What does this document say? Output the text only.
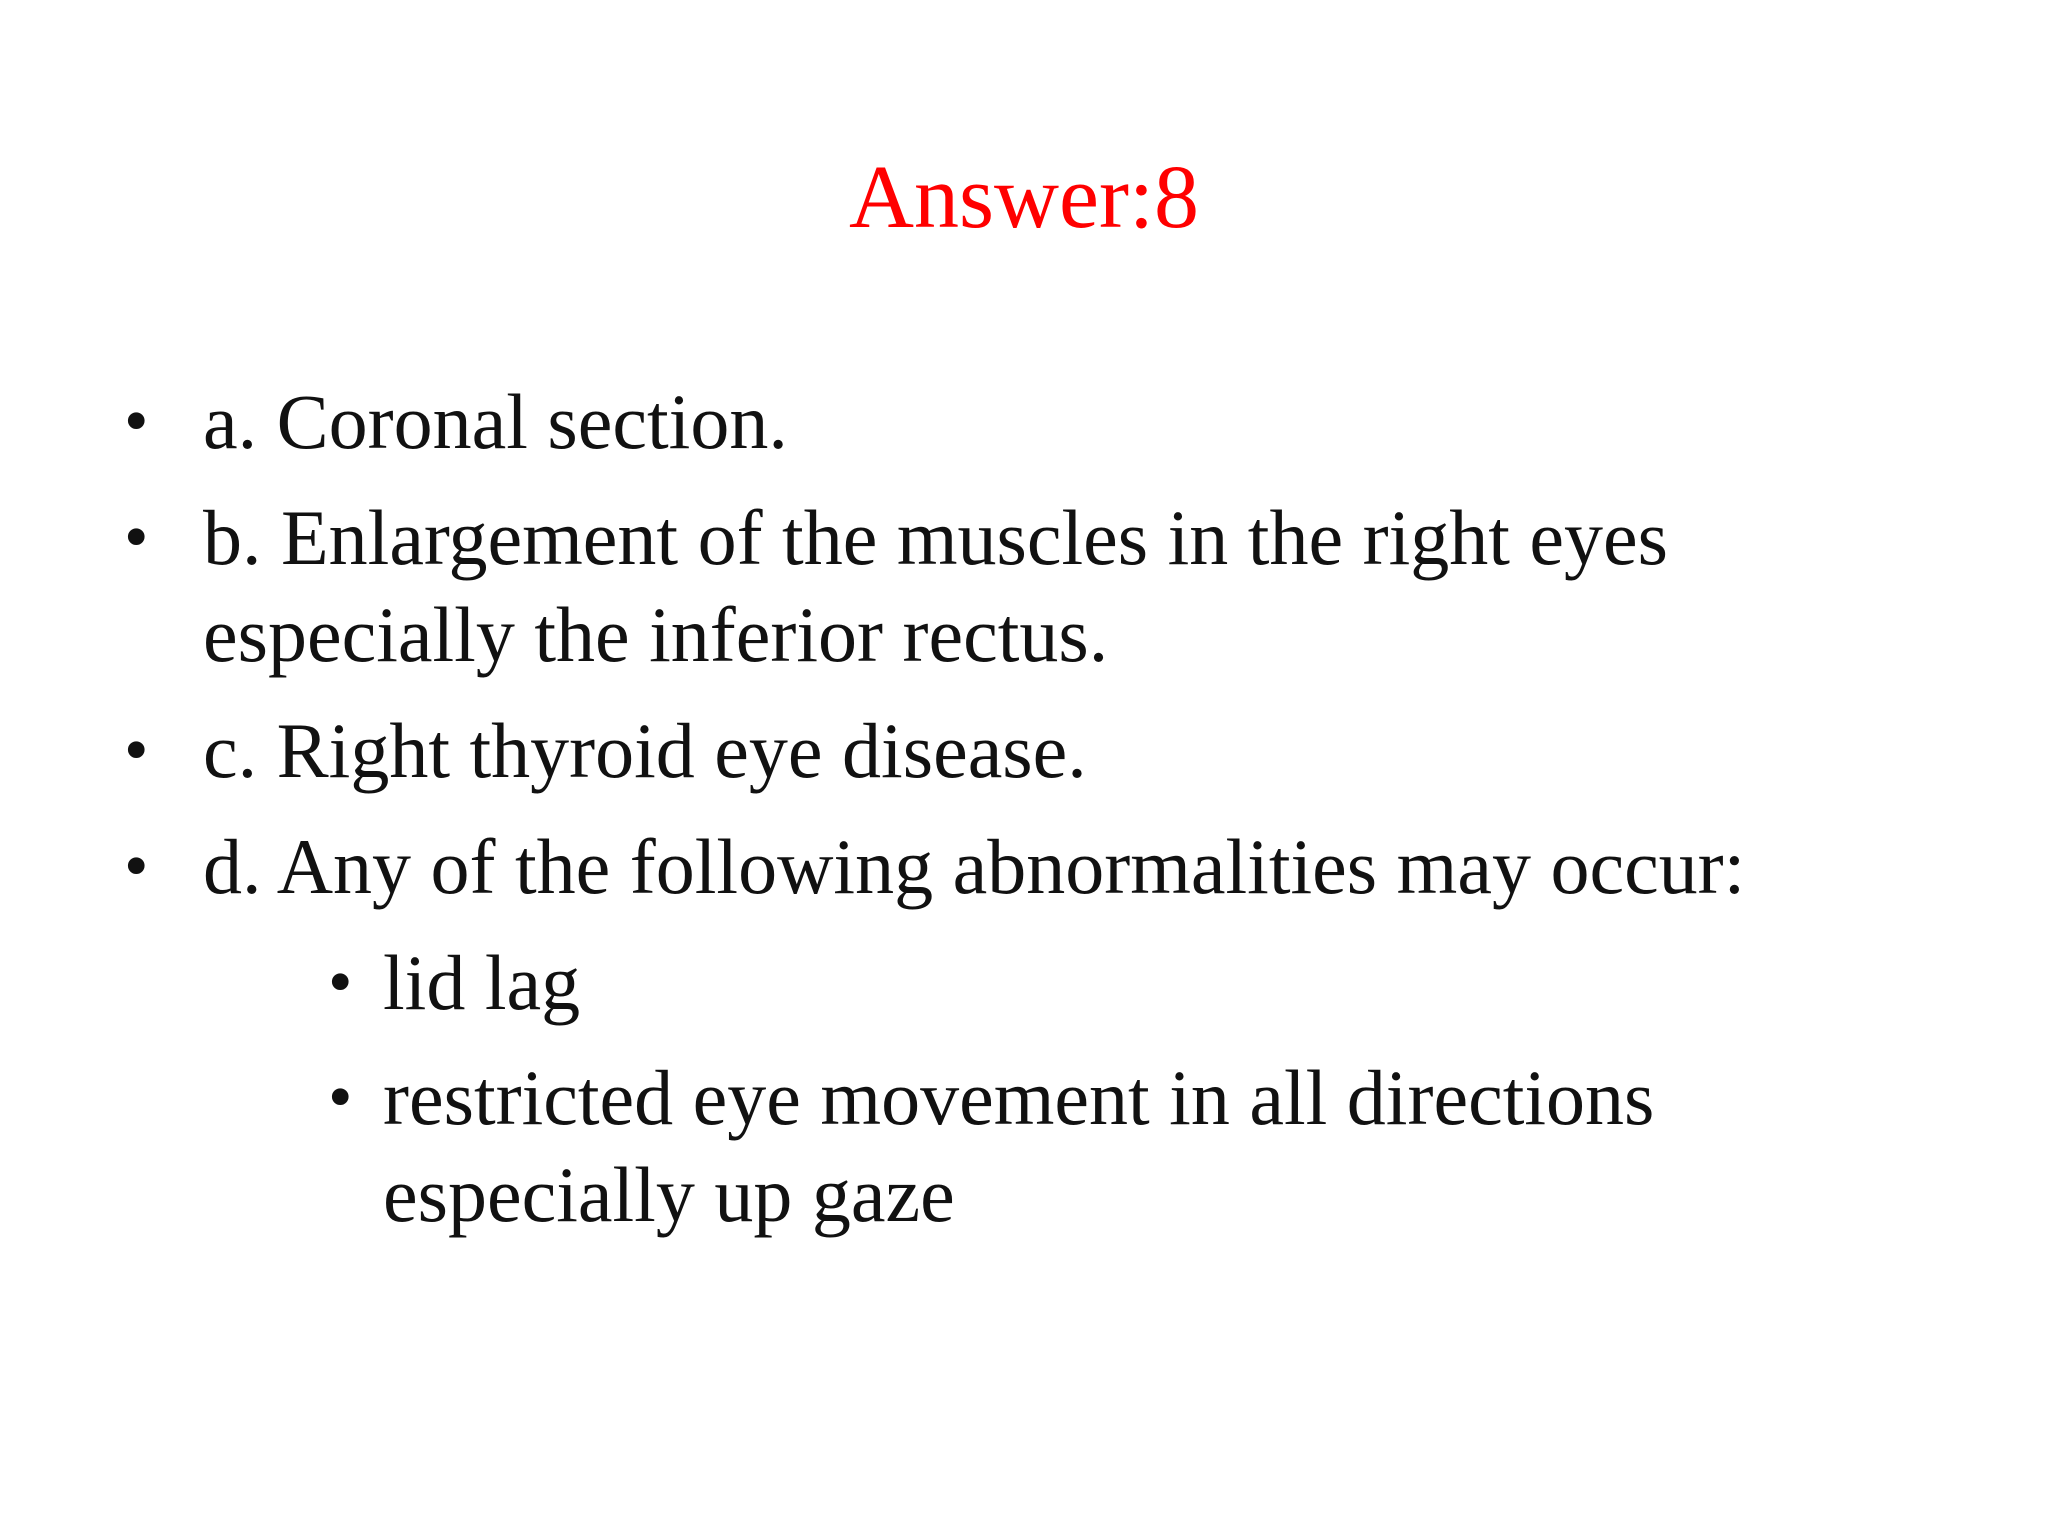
Answer:8
• a. Coronal section.
• b. Enlargement of the muscles in the right eyes
especially the inferior rectus.
• c. Right thyroid eye disease.
• d. Any of the following abnormalities may occur:
• lid lag
• restricted eye movement in all directions
especially up gaze
